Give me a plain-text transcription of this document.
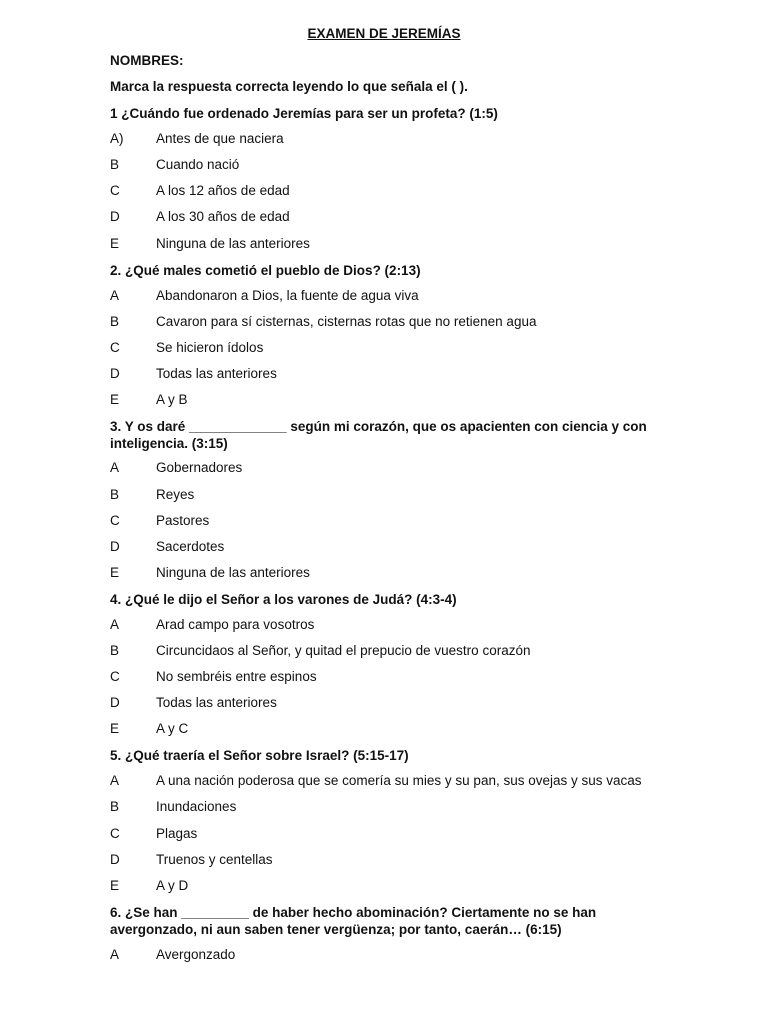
EXAMEN DE JEREMÍAS
NOMBRES:
Marca la respuesta correcta leyendo lo que señala el ( ).
1 ¿Cuándo fue ordenado Jeremías para ser un profeta? (1:5)
A)	Antes de que naciera
B	Cuando nació
C	A los 12 años de edad
D	A los 30 años de edad
E	Ninguna de las anteriores
2. ¿Qué males cometió el pueblo de Dios? (2:13)
A	Abandonaron a Dios, la fuente de agua viva
B	Cavaron para sí cisternas, cisternas rotas que no retienen agua
C	Se hicieron ídolos
D	Todas las anteriores
E	A y B
3. Y os daré _____________ según mi corazón, que os apacienten con ciencia y con inteligencia. (3:15)
A	Gobernadores
B	Reyes
C	Pastores
D	Sacerdotes
E	Ninguna de las anteriores
4. ¿Qué le dijo el Señor a los varones de Judá? (4:3-4)
A	Arad campo para vosotros
B	Circuncidaos al Señor, y quitad el prepucio de vuestro corazón
C	No sembréis entre espinos
D	Todas las anteriores
E	A y C
5. ¿Qué traería el Señor sobre Israel? (5:15-17)
A	A una nación poderosa que se comería su mies y su pan, sus ovejas y sus vacas
B	Inundaciones
C	Plagas
D	Truenos y centellas
E	A y D
6. ¿Se han _________ de haber hecho abominación? Ciertamente no se han avergonzado, ni aun saben tener vergüenza; por tanto, caerán… (6:15)
A	Avergonzado
